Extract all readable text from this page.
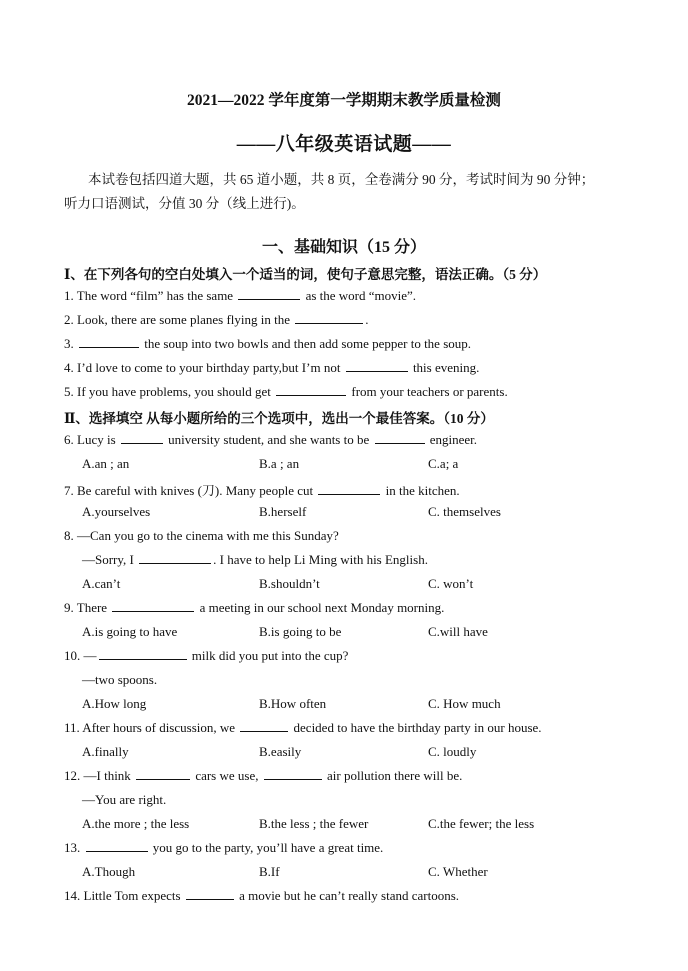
2021—2022 学年度第一学期期末教学质量检测
——八年级英语试题——
本试卷包括四道大题，共 65 道小题，共 8 页，全卷满分 90 分，考试时间为 90 分钟；
听力口语测试，分值 30 分（线上进行)。
一、基础知识（15 分）
Ⅰ、在下列各句的空白处填入一个适当的词，使句子意思完整，语法正确。（5 分）
1. The word “film” has the same	as the word “movie”.
2. Look, there are some planes flying in the	.
3.	the soup into two bowls and then add some pepper to the soup.
4. I’d love to come to your birthday party,but I’m not	this evening.
5. If you have problems, you should get	from your teachers or parents.
Ⅱ、选择填空 从每小题所给的三个选项中，选出一个最佳答案。（10 分）
6. Lucy is	university student, and she wants to be	engineer.
A.an ; an	B.a ; an	C.a; a
7. Be careful with knives (刀). Many people cut	in the kitchen.
A.yourselves	B.herself	C. themselves
8. —Can you go to the cinema with me this Sunday?
—Sorry, I	. I have to help Li Ming with his English.
A.can’t	B.shouldn’t	C. won’t
9. There	a meeting in our school next Monday morning.
A.is going to have	B.is going to be	C.will have
10. —	milk did you put into the cup?
—two spoons.
A.How long	B.How often	C. How much
11. After hours of discussion, we	decided to have the birthday party in our house.
A.finally	B.easily	C. loudly
12. —I think	cars we use,	air pollution there will be.
—You are right.
A.the more ; the less	B.the less ; the fewer	C.the fewer; the less
13.	you go to the party, you’ll have a great time.
A.Though	B.If	C. Whether
14. Little Tom expects	a movie but he can’t really stand cartoons.
